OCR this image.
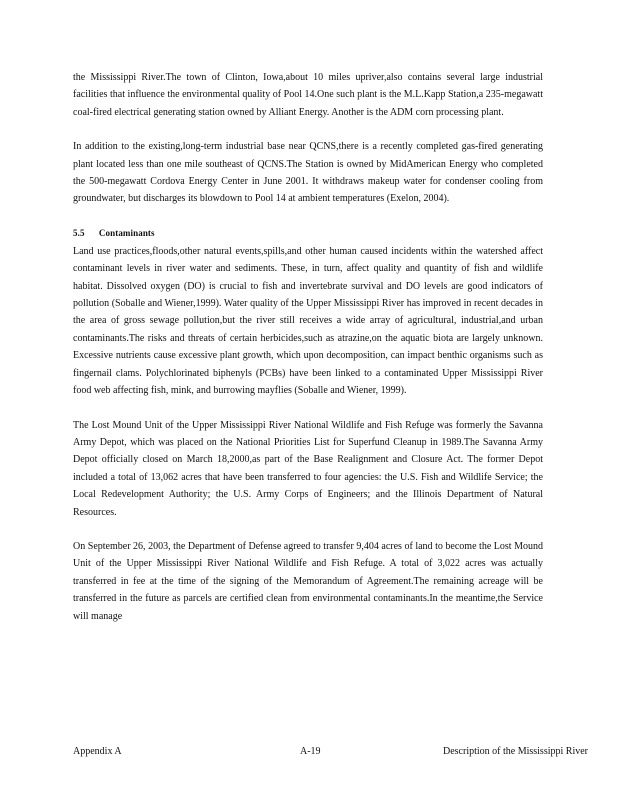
the Mississippi River.The town of Clinton, Iowa,about 10 miles upriver,also contains several large industrial facilities that influence the environmental quality of Pool 14.One such plant is the M.L.Kapp Station,a 235-megawatt coal-fired electrical generating station owned by Alliant Energy. Another is the ADM corn processing plant.

In addition to the existing,long-term industrial base near QCNS,there is a recently completed gas-fired generating plant located less than one mile southeast of QCNS.The Station is owned by MidAmerican Energy who completed the 500-megawatt Cordova Energy Center in June 2001. It withdraws makeup water for condenser cooling from groundwater, but discharges its blowdown to Pool 14 at ambient temperatures (Exelon, 2004).

5.5 Contaminants

Land use practices,floods,other natural events,spills,and other human caused incidents within the watershed affect contaminant levels in river water and sediments. These, in turn, affect quality and quantity of fish and wildlife habitat. Dissolved oxygen (DO) is crucial to fish and invertebrate survival and DO levels are good indicators of pollution (Soballe and Wiener,1999). Water quality of the Upper Mississippi River has improved in recent decades in the area of gross sewage pollution,but the river still receives a wide array of agricultural, industrial,and urban contaminants.The risks and threats of certain herbicides,such as atrazine,on the aquatic biota are largely unknown. Excessive nutrients cause excessive plant growth, which upon decomposition, can impact benthic organisms such as fingernail clams. Polychlorinated biphenyls (PCBs) have been linked to a contaminated Upper Mississippi River food web affecting fish, mink, and burrowing mayflies (Soballe and Wiener, 1999).

The Lost Mound Unit of the Upper Mississippi River National Wildlife and Fish Refuge was formerly the Savanna Army Depot, which was placed on the National Priorities List for Superfund Cleanup in 1989.The Savanna Army Depot officially closed on March 18,2000,as part of the Base Realignment and Closure Act. The former Depot included a total of 13,062 acres that have been transferred to four agencies: the U.S. Fish and Wildlife Service; the Local Redevelopment Authority; the U.S. Army Corps of Engineers; and the Illinois Department of Natural Resources.

On September 26, 2003, the Department of Defense agreed to transfer 9,404 acres of land to become the Lost Mound Unit of the Upper Mississippi River National Wildlife and Fish Refuge. A total of 3,022 acres was actually transferred in fee at the time of the signing of the Memorandum of Agreement.The remaining acreage will be transferred in the future as parcels are certified clean from environmental contaminants.In the meantime,the Service will manage

Appendix A	A-19	Description of the Mississippi River
